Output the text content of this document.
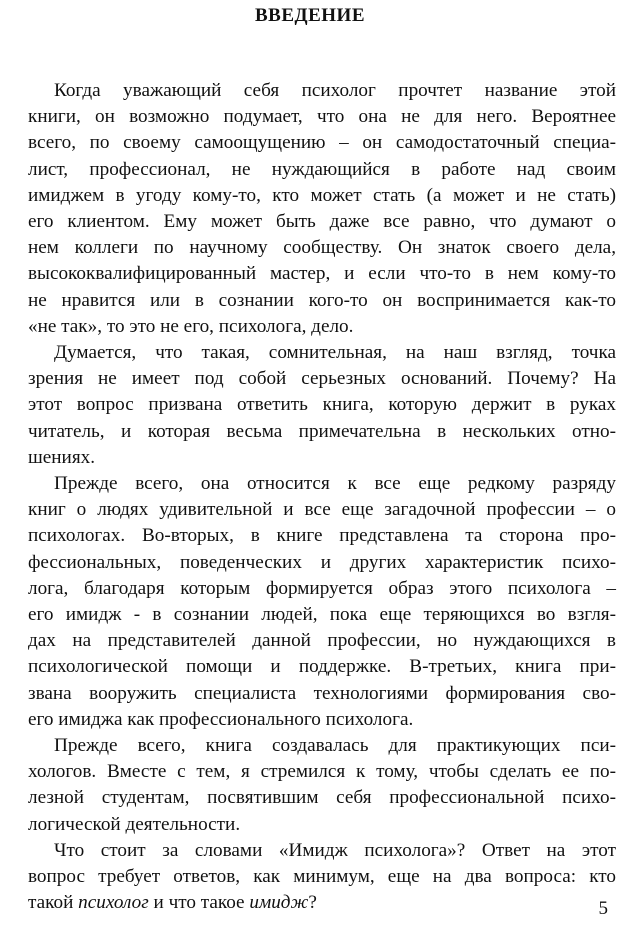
ВВЕДЕНИЕ

Когда уважающий себя психолог прочтет название этой
книги, он возможно подумает, что она не для него. Вероятнее
всего, по своему самоощущению – он самодостаточный специа-
лист, профессионал, не нуждающийся в работе над своим
имиджем в угоду кому-то, кто может стать (а может и не стать)
его клиентом. Ему может быть даже все равно, что думают о
нем коллеги по научному сообществу. Он знаток своего дела,
высококвалифицированный мастер, и если что-то в нем кому-то
не нравится или в сознании кого-то он воспринимается как-то
«не так», то это не его, психолога, дело.

Думается, что такая, сомнительная, на наш взгляд, точка
зрения не имеет под собой серьезных оснований. Почему? На
этот вопрос призвана ответить книга, которую держит в руках
читатель, и которая весьма примечательна в нескольких отно-
шениях.

Прежде всего, она относится к все еще редкому разряду
книг о людях удивительной и все еще загадочной профессии – о
психологах. Во-вторых, в книге представлена та сторона про-
фессиональных, поведенческих и других характеристик психо-
лога, благодаря которым формируется образ этого психолога –
его имидж - в сознании людей, пока еще теряющихся во взгля-
дах на представителей данной профессии, но нуждающихся в
психологической помощи и поддержке. В-третьих, книга при-
звана вооружить специалиста технологиями формирования сво-
его имиджа как профессионального психолога.

Прежде всего, книга создавалась для практикующих пси-
хологов. Вместе с тем, я стремился к тому, чтобы сделать ее по-
лезной студентам, посвятившим себя профессиональной психо-
логической деятельности.

Что стоит за словами «Имидж психолога»? Ответ на этот
вопрос требует ответов, как минимум, еще на два вопроса: кто
такой психолог и что такое имидж?	5
